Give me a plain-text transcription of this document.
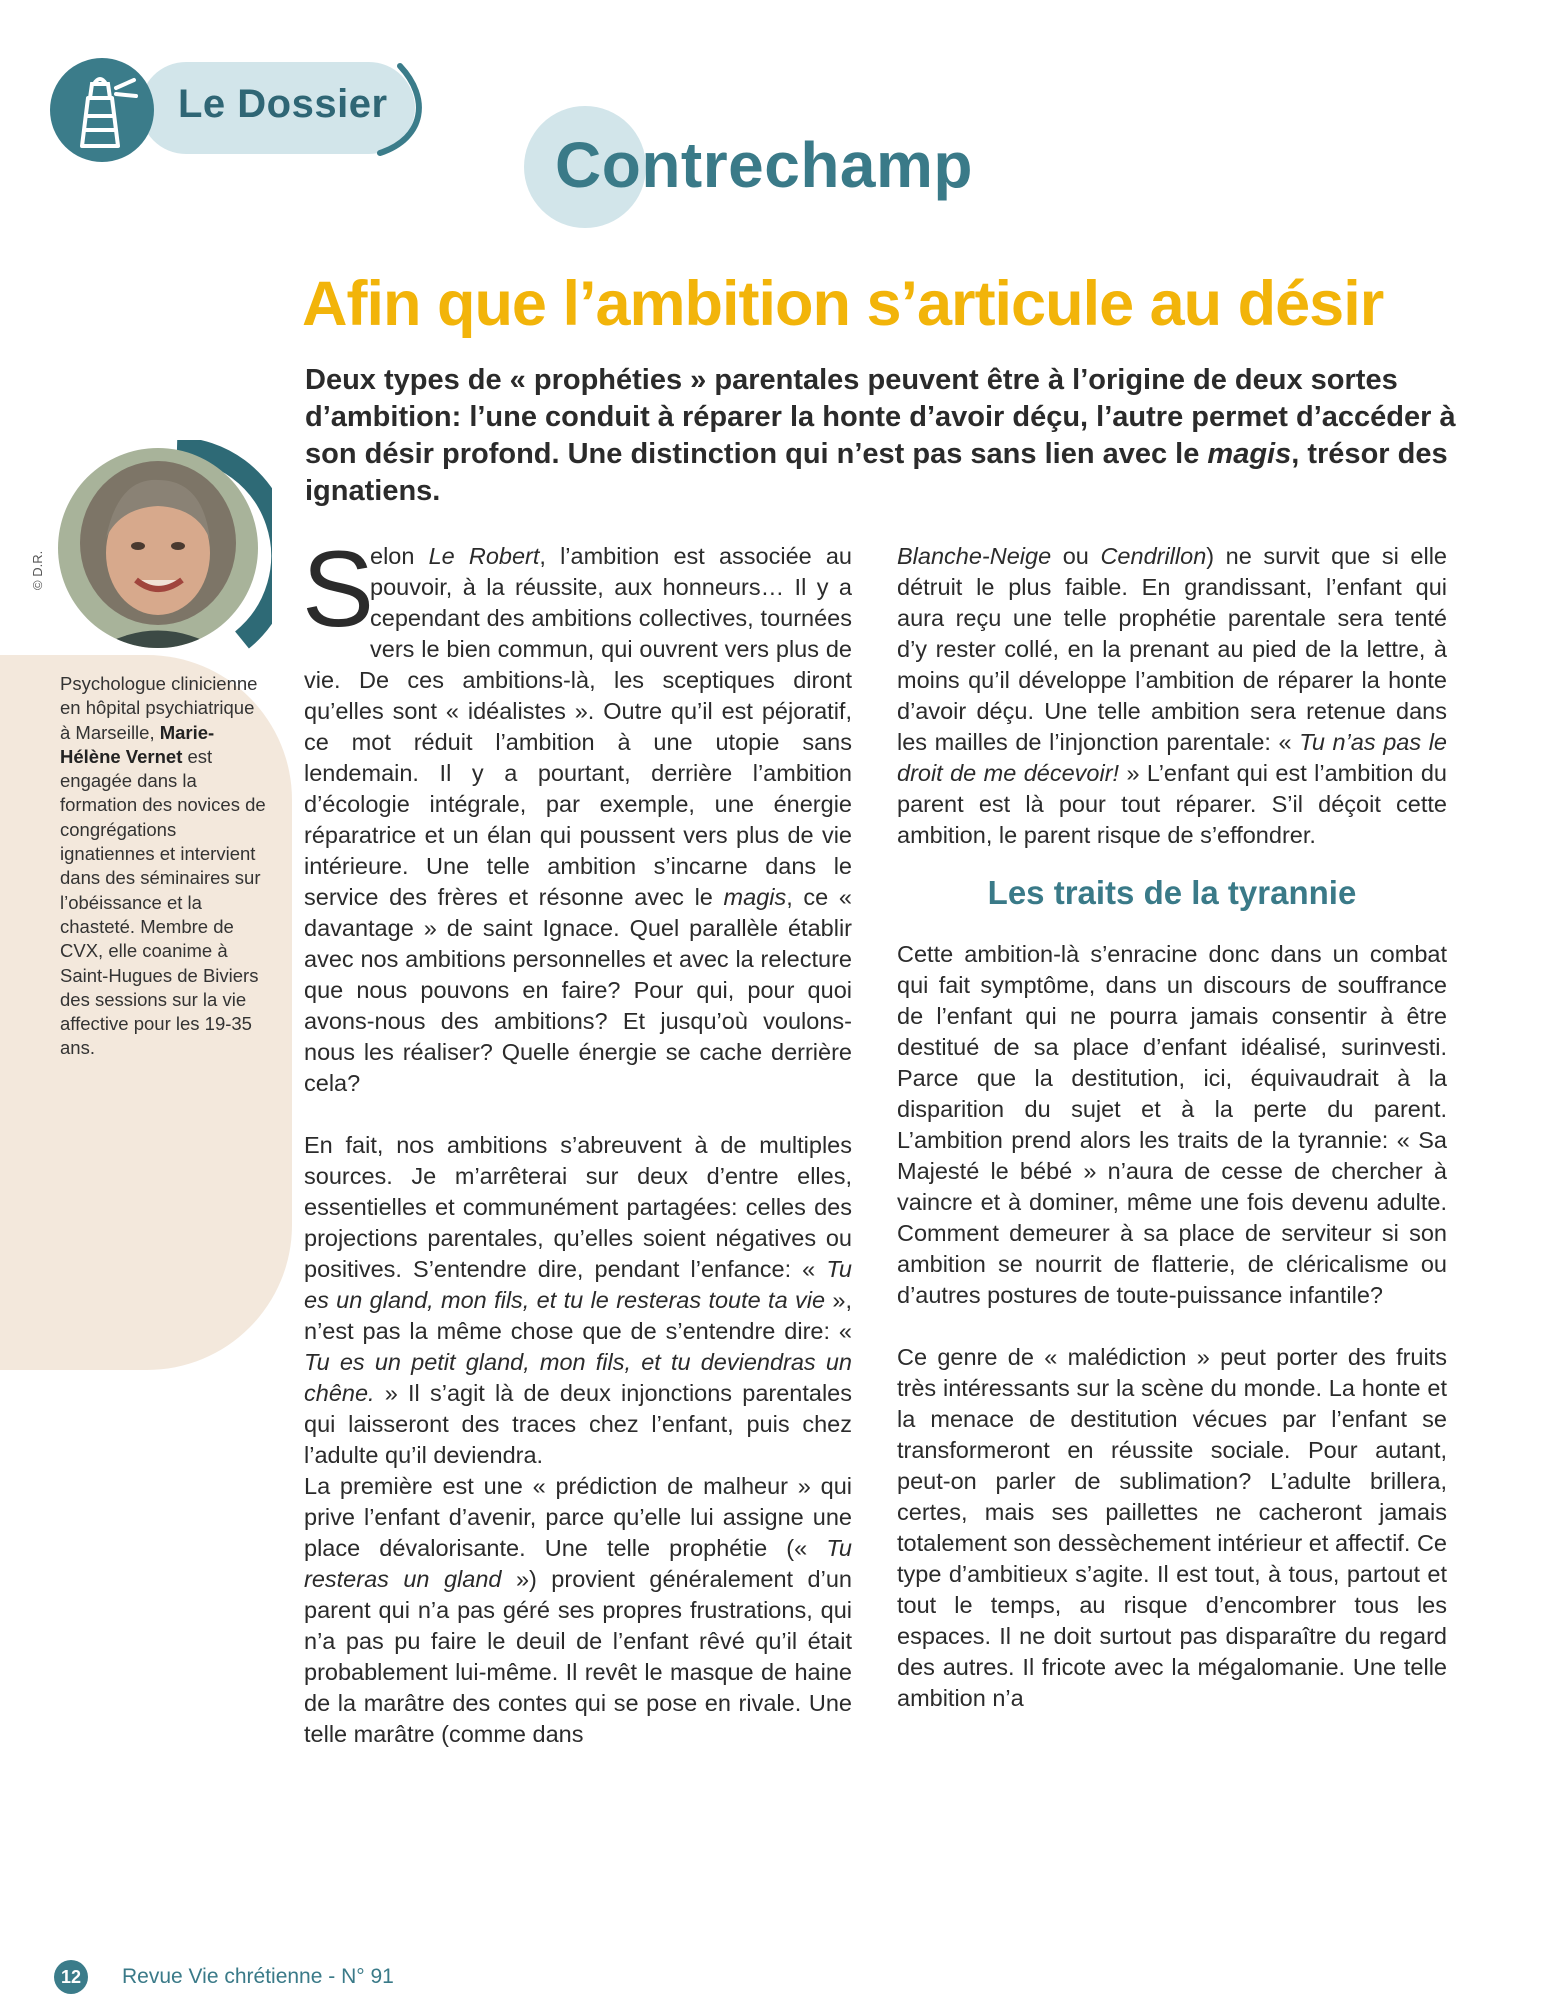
Le Dossier
Contrechamp
Afin que l’ambition s’articule au désir

Deux types de « prophéties » parentales peuvent être à l’origine de deux sortes d’ambition: l’une conduit à réparer la honte d’avoir déçu, l’autre permet d’accéder à son désir profond. Une distinction qui n’est pas sans lien avec le magis, trésor des ignatiens.

© D.R.

Psychologue clinicienne en hôpital psychiatrique à Marseille, Marie-Hélène Vernet est engagée dans la formation des novices de congrégations ignatiennes et intervient dans des séminaires sur l’obéissance et la chasteté. Membre de CVX, elle coanime à Saint-Hugues de Biviers des sessions sur la vie affective pour les 19-35 ans.

S
elon Le Robert, l’ambition est associée au pouvoir, à la réussite, aux honneurs… Il y a cependant des ambitions collectives, tournées vers le bien commun, qui ouvrent vers plus de vie. De ces ambitions-là, les sceptiques diront qu’elles sont « idéalistes ». Outre qu’il est péjoratif, ce mot réduit l’ambition à une utopie sans lendemain. Il y a pourtant, derrière l’ambition d’écologie intégrale, par exemple, une énergie réparatrice et un élan qui poussent vers plus de vie intérieure. Une telle ambition s’incarne dans le service des frères et résonne avec le magis, ce « davantage » de saint Ignace. Quel parallèle établir avec nos ambitions personnelles et avec la relecture que nous pouvons en faire? Pour qui, pour quoi avons-nous des ambitions? Et jusqu’où voulons-nous les réaliser? Quelle énergie se cache derrière cela?

En fait, nos ambitions s’abreuvent à de multiples sources. Je m’arrêterai sur deux d’entre elles, essentielles et communément partagées: celles des projections parentales, qu’elles soient négatives ou positives. S’entendre dire, pendant l’enfance: « Tu es un gland, mon fils, et tu le resteras toute ta vie », n’est pas la même chose que de s’entendre dire: « Tu es un petit gland, mon fils, et tu deviendras un chêne. » Il s’agit là de deux injonctions parentales qui laisseront des traces chez l’enfant, puis chez l’adulte qu’il deviendra.

La première est une « prédiction de malheur » qui prive l’enfant d’avenir, parce qu’elle lui assigne une place dévalorisante. Une telle prophétie (« Tu resteras un gland ») provient généralement d’un parent qui n’a pas géré ses propres frustrations, qui n’a pas pu faire le deuil de l’enfant rêvé qu’il était probablement lui-même. Il revêt le masque de haine de la marâtre des contes qui se pose en rivale. Une telle marâtre (comme dans

Blanche-Neige ou Cendrillon) ne survit que si elle détruit le plus faible. En grandissant, l’enfant qui aura reçu une telle prophétie parentale sera tenté d’y rester collé, en la prenant au pied de la lettre, à moins qu’il développe l’ambition de réparer la honte d’avoir déçu. Une telle ambition sera retenue dans les mailles de l’injonction parentale: « Tu n’as pas le droit de me décevoir! » L’enfant qui est l’ambition du parent est là pour tout réparer. S’il déçoit cette ambition, le parent risque de s’effondrer.

Les traits de la tyrannie

Cette ambition-là s’enracine donc dans un combat qui fait symptôme, dans un discours de souffrance de l’enfant qui ne pourra jamais consentir à être destitué de sa place d’enfant idéalisé, surinvesti. Parce que la destitution, ici, équivaudrait à la disparition du sujet et à la perte du parent. L’ambition prend alors les traits de la tyrannie: « Sa Majesté le bébé » n’aura de cesse de chercher à vaincre et à dominer, même une fois devenu adulte. Comment demeurer à sa place de serviteur si son ambition se nourrit de flatterie, de cléricalisme ou d’autres postures de toute-puissance infantile?

Ce genre de « malédiction » peut porter des fruits très intéressants sur la scène du monde. La honte et la menace de destitution vécues par l’enfant se transformeront en réussite sociale. Pour autant, peut-on parler de sublimation? L’adulte brillera, certes, mais ses paillettes ne cacheront jamais totalement son dessèchement intérieur et affectif. Ce type d’ambitieux s’agite. Il est tout, à tous, partout et tout le temps, au risque d’encombrer tous les espaces. Il ne doit surtout pas disparaître du regard des autres. Il fricote avec la mégalomanie. Une telle ambition n’a

12	Revue Vie chrétienne - N° 91
